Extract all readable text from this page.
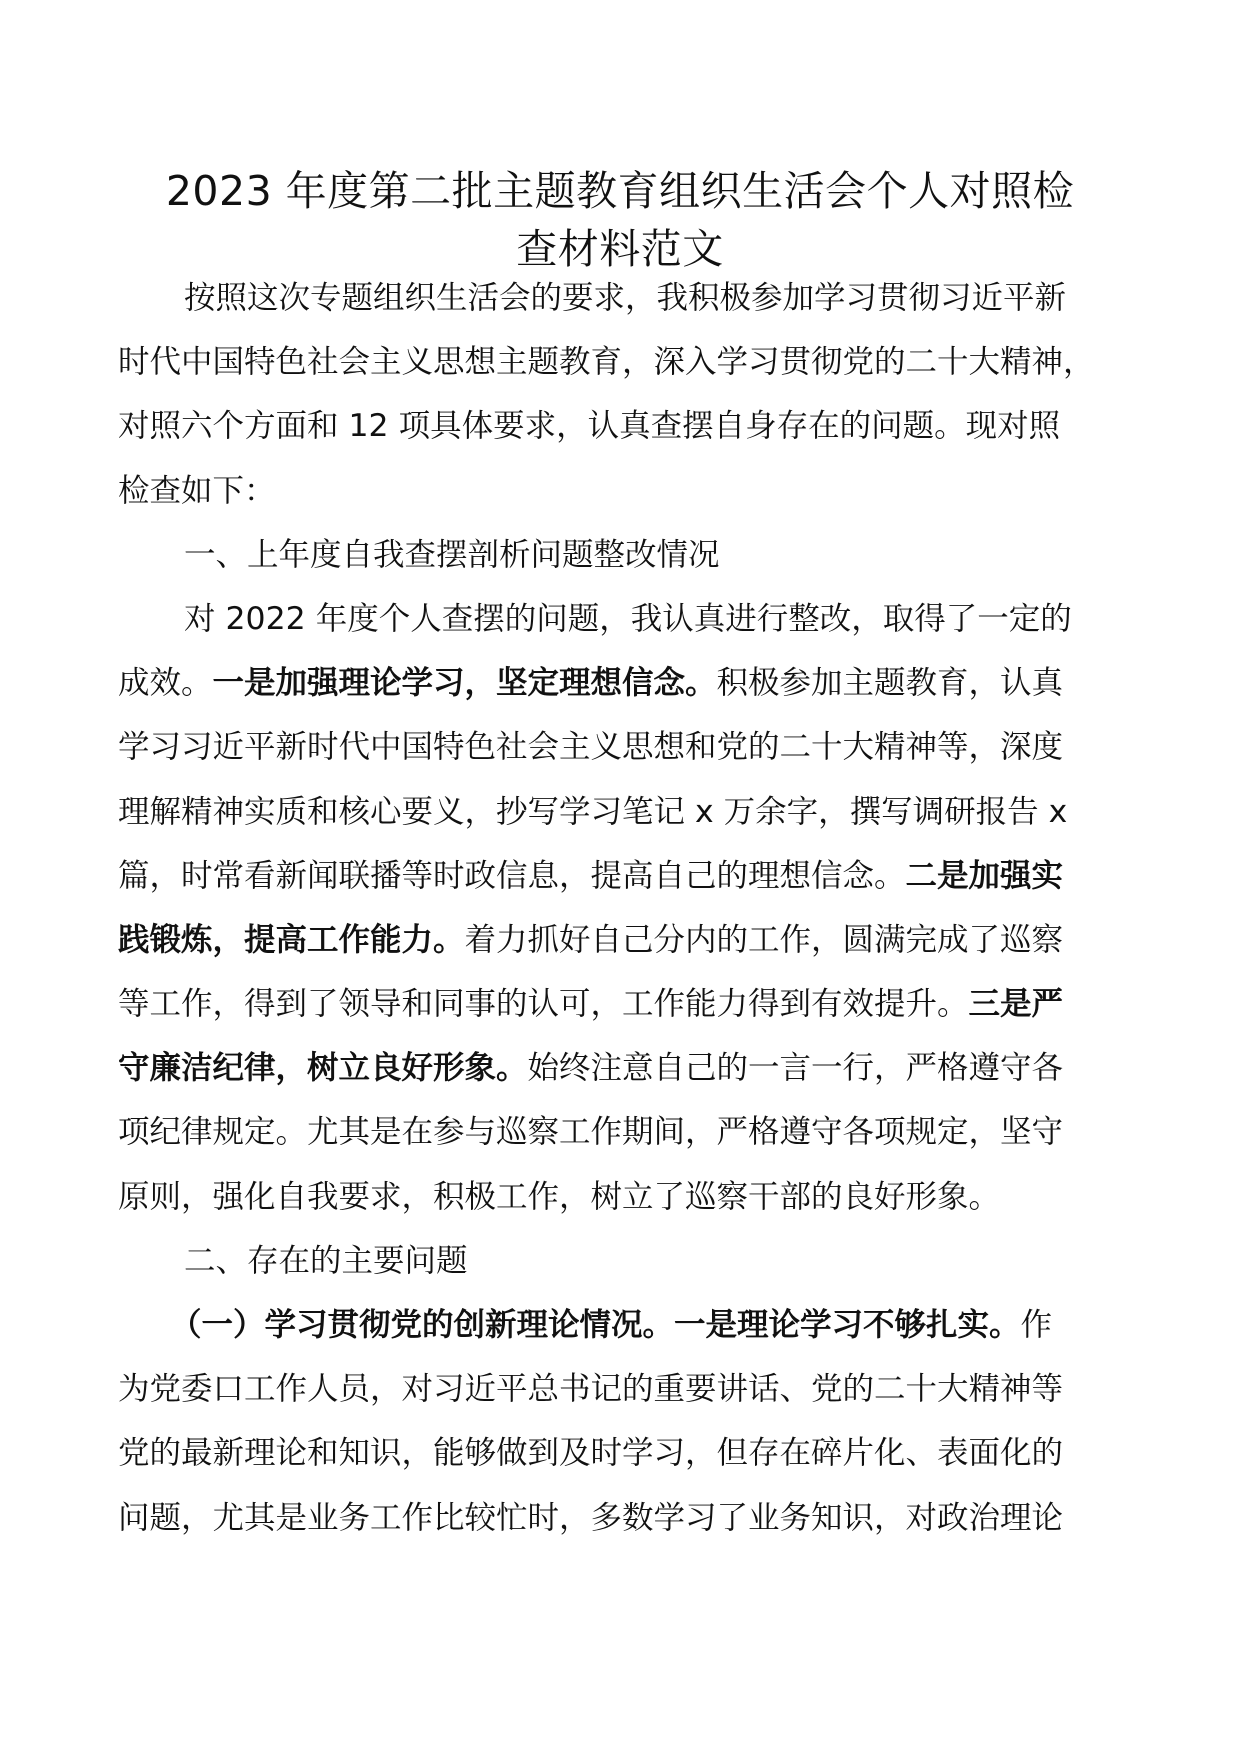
2023 年度第二批主题教育组织生活会个人对照检
查材料范文
按照这次专题组织生活会的要求，我积极参加学习贯彻习近平新
时代中国特色社会主义思想主题教育，深入学习贯彻党的二十大精神，
对照六个方面和 12 项具体要求，认真查摆自身存在的问题。现对照
检查如下：
一、上年度自我查摆剖析问题整改情况
对 2022 年度个人查摆的问题，我认真进行整改，取得了一定的
成效。一是加强理论学习，坚定理想信念。积极参加主题教育，认真
学习习近平新时代中国特色社会主义思想和党的二十大精神等，深度
理解精神实质和核心要义，抄写学习笔记 x 万余字，撰写调研报告 x
篇，时常看新闻联播等时政信息，提高自己的理想信念。二是加强实
践锻炼，提高工作能力。着力抓好自己分内的工作，圆满完成了巡察
等工作，得到了领导和同事的认可，工作能力得到有效提升。三是严
守廉洁纪律，树立良好形象。始终注意自己的一言一行，严格遵守各
项纪律规定。尤其是在参与巡察工作期间，严格遵守各项规定，坚守
原则，强化自我要求，积极工作，树立了巡察干部的良好形象。
二、存在的主要问题
（一）学习贯彻党的创新理论情况。一是理论学习不够扎实。作
为党委口工作人员，对习近平总书记的重要讲话、党的二十大精神等
党的最新理论和知识，能够做到及时学习，但存在碎片化、表面化的
问题，尤其是业务工作比较忙时，多数学习了业务知识，对政治理论
